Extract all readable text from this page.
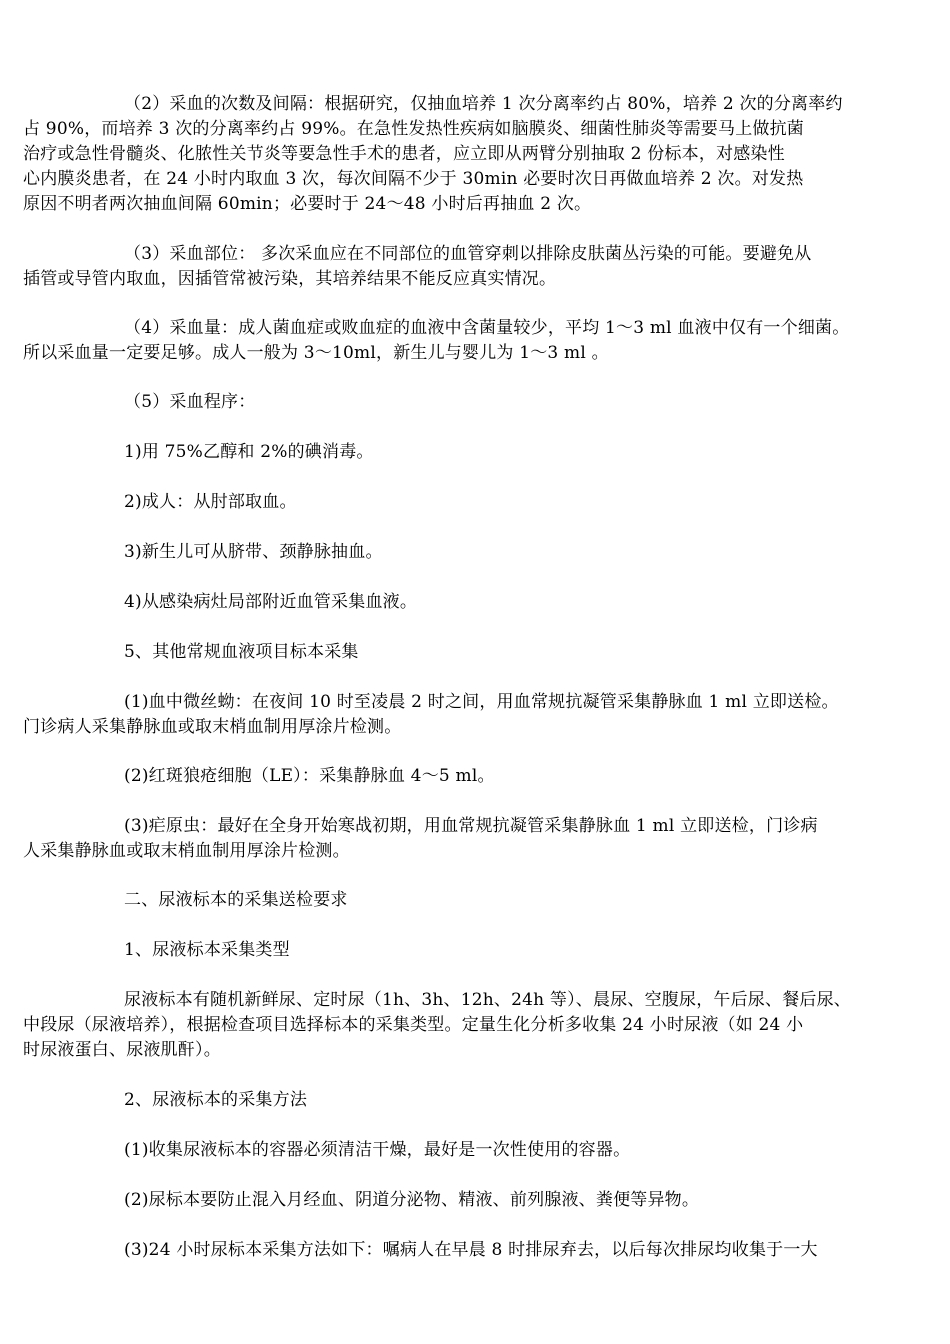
（2）采血的次数及间隔：根据研究，仅抽血培养 1 次分离率约占 80%，培养 2 次的分离率约
占 90%，而培养 3 次的分离率约占 99%。在急性发热性疾病如脑膜炎、细菌性肺炎等需要马上做抗菌
治疗或急性骨髓炎、化脓性关节炎等要急性手术的患者，应立即从两臂分别抽取 2 份标本，对感染性
心内膜炎患者，在 24 小时内取血 3 次，每次间隔不少于 30min 必要时次日再做血培养 2 次。对发热
原因不明者两次抽血间隔 60min；必要时于 24～48 小时后再抽血 2 次。

（3）采血部位： 多次采血应在不同部位的血管穿刺以排除皮肤菌丛污染的可能。要避免从
插管或导管内取血，因插管常被污染，其培养结果不能反应真实情况。

（4）采血量：成人菌血症或败血症的血液中含菌量较少，平均 1～3 ml 血液中仅有一个细菌。
所以采血量一定要足够。成人一般为 3～10ml，新生儿与婴儿为 1～3 ml 。

（5）采血程序：

1)用 75%乙醇和 2%的碘消毒。

2)成人：从肘部取血。

3)新生儿可从脐带、颈静脉抽血。

4)从感染病灶局部附近血管采集血液。

5、其他常规血液项目标本采集

(1)血中微丝蚴：在夜间 10 时至凌晨 2 时之间，用血常规抗凝管采集静脉血 1 ml 立即送检。
门诊病人采集静脉血或取末梢血制用厚涂片检测。

(2)红斑狼疮细胞（LE）：采集静脉血 4～5 ml。

(3)疟原虫：最好在全身开始寒战初期，用血常规抗凝管采集静脉血 1 ml 立即送检，门诊病
人采集静脉血或取末梢血制用厚涂片检测。

二、尿液标本的采集送检要求

1、尿液标本采集类型

尿液标本有随机新鲜尿、定时尿（1h、3h、12h、24h 等）、晨尿、空腹尿，午后尿、餐后尿、
中段尿（尿液培养），根据检查项目选择标本的采集类型。定量生化分析多收集 24 小时尿液（如 24 小
时尿液蛋白、尿液肌酐）。

2、尿液标本的采集方法

(1)收集尿液标本的容器必须清洁干燥，最好是一次性使用的容器。

(2)尿标本要防止混入月经血、阴道分泌物、精液、前列腺液、粪便等异物。

(3)24 小时尿标本采集方法如下：嘱病人在早晨 8 时排尿弃去，以后每次排尿均收集于一大
